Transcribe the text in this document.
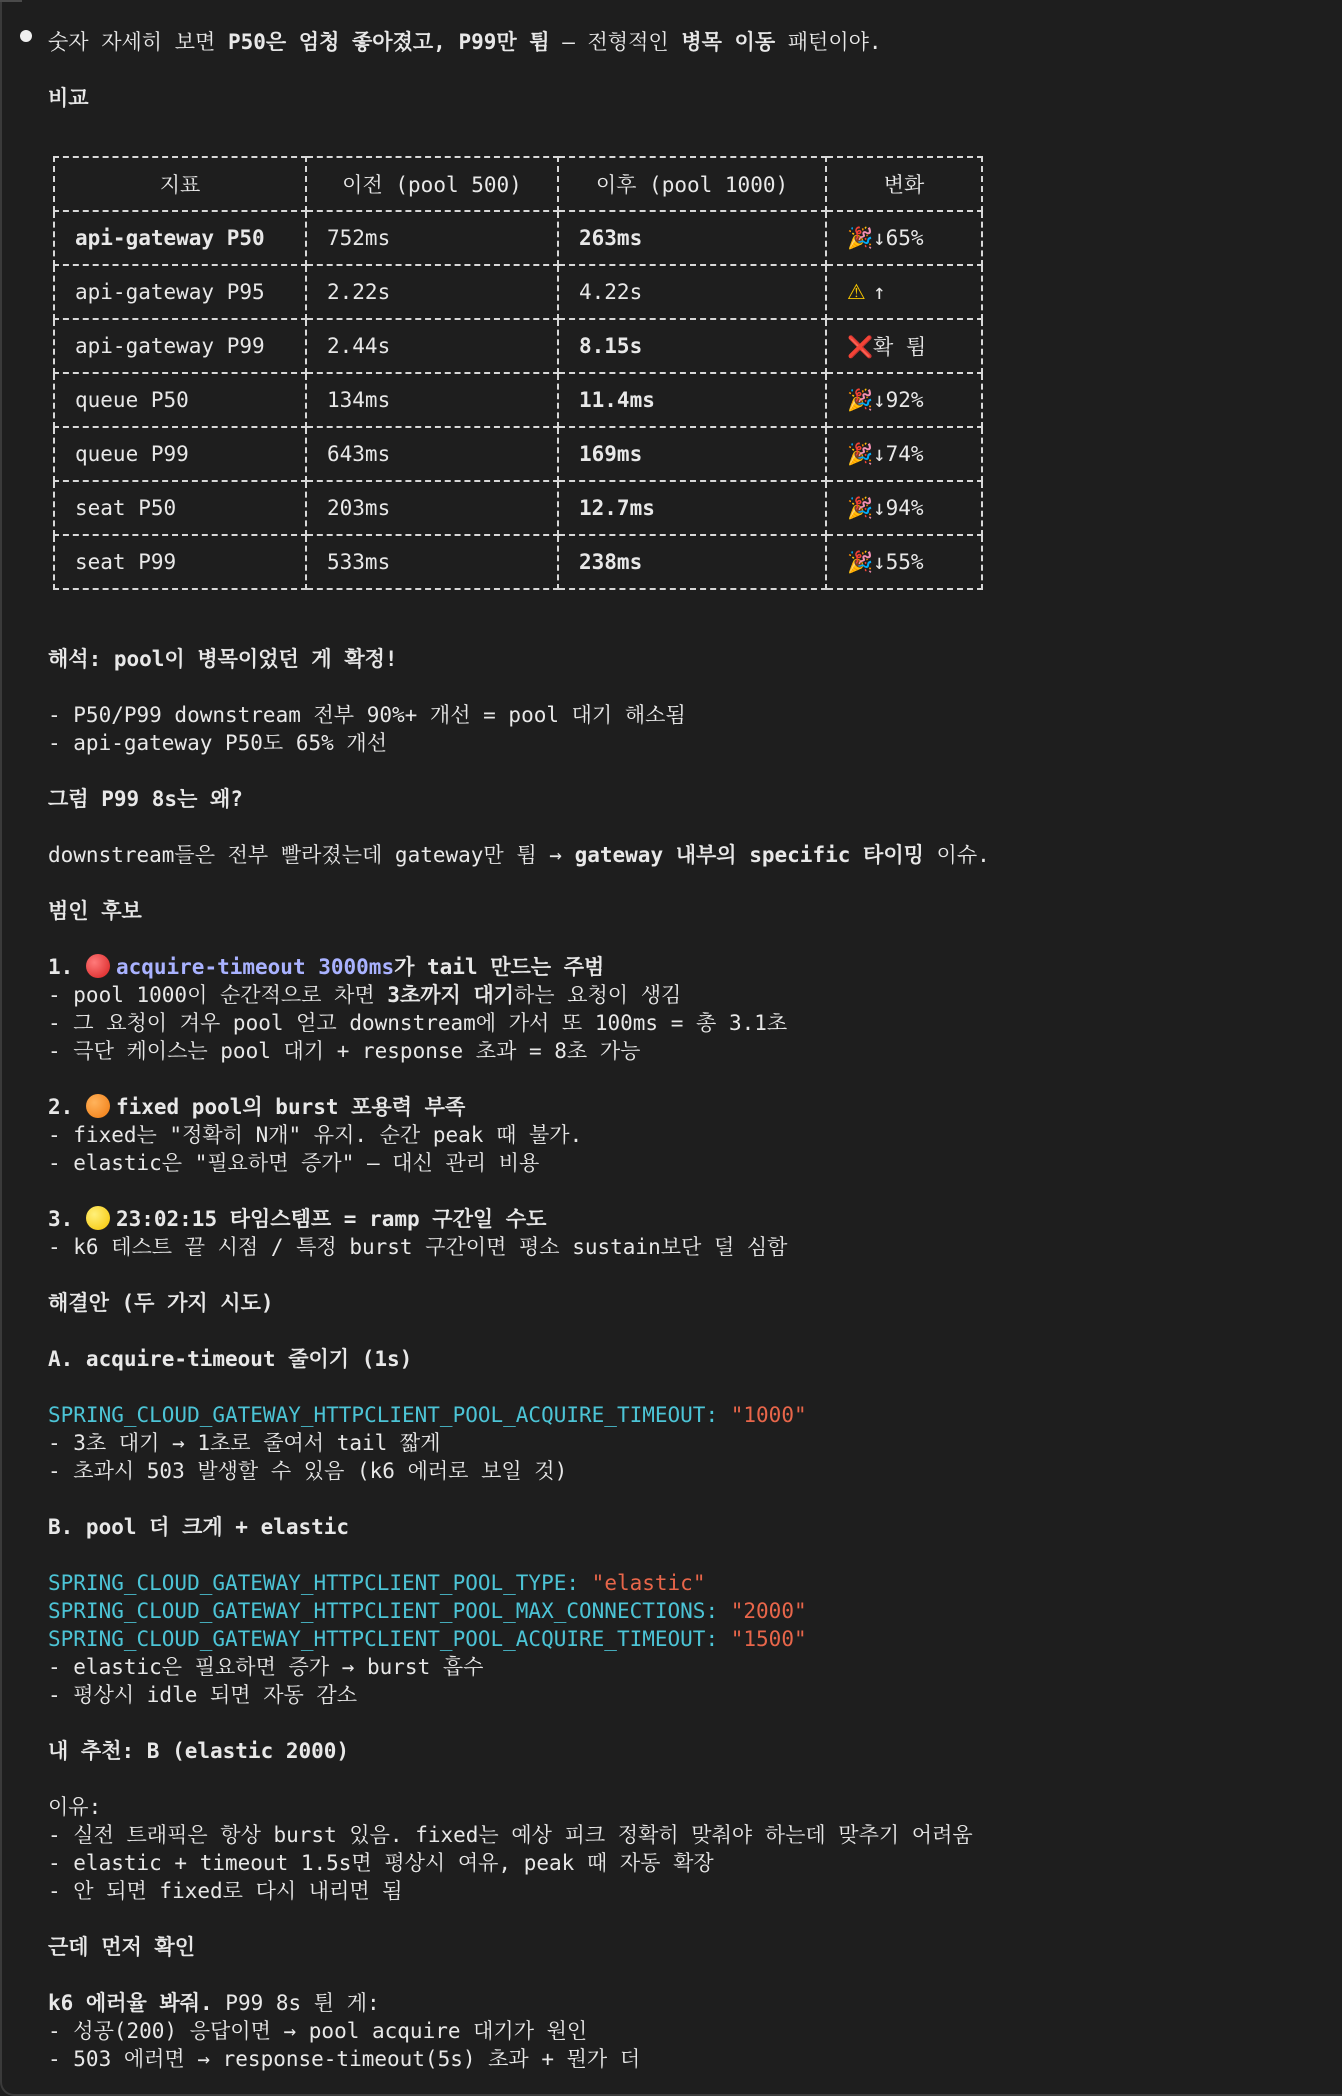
숫자 자세히 보면 P50은 엄청 좋아졌고, P99만 튐 — 전형적인 병목 이동 패턴이야.
비교
지표	이전 (pool 500)	이후 (pool 1000)	변화
api-gateway P50	752ms	263ms	🎉↓65%
api-gateway P95	2.22s	4.22s	⚠ ↑
api-gateway P99	2.44s	8.15s	❌확 튐
queue P50	134ms	11.4ms	🎉↓92%
queue P99	643ms	169ms	🎉↓74%
seat P50	203ms	12.7ms	🎉↓94%
seat P99	533ms	238ms	🎉↓55%
해석: pool이 병목이었던 게 확정!
- P50/P99 downstream 전부 90%+ 개선 = pool 대기 해소됨
- api-gateway P50도 65% 개선
그럼 P99 8s는 왜?
downstream들은 전부 빨라졌는데 gateway만 튐 → gateway 내부의 specific 타이밍 이슈.
범인 후보
1. acquire-timeout 3000ms가 tail 만드는 주범
- pool 1000이 순간적으로 차면 3초까지 대기하는 요청이 생김
- 그 요청이 겨우 pool 얻고 downstream에 가서 또 100ms = 총 3.1초
- 극단 케이스는 pool 대기 + response 초과 = 8초 가능
2. fixed pool의 burst 포용력 부족
- fixed는 "정확히 N개" 유지. 순간 peak 때 불가.
- elastic은 "필요하면 증가" — 대신 관리 비용
3. 23:02:15 타임스템프 = ramp 구간일 수도
- k6 테스트 끝 시점 / 특정 burst 구간이면 평소 sustain보단 덜 심함
해결안 (두 가지 시도)
A. acquire-timeout 줄이기 (1s)
SPRING_CLOUD_GATEWAY_HTTPCLIENT_POOL_ACQUIRE_TIMEOUT: "1000"
- 3초 대기 → 1초로 줄여서 tail 짧게
- 초과시 503 발생할 수 있음 (k6 에러로 보일 것)
B. pool 더 크게 + elastic
SPRING_CLOUD_GATEWAY_HTTPCLIENT_POOL_TYPE: "elastic"
SPRING_CLOUD_GATEWAY_HTTPCLIENT_POOL_MAX_CONNECTIONS: "2000"
SPRING_CLOUD_GATEWAY_HTTPCLIENT_POOL_ACQUIRE_TIMEOUT: "1500"
- elastic은 필요하면 증가 → burst 흡수
- 평상시 idle 되면 자동 감소
내 추천: B (elastic 2000)
이유:
- 실전 트래픽은 항상 burst 있음. fixed는 예상 피크 정확히 맞춰야 하는데 맞추기 어려움
- elastic + timeout 1.5s면 평상시 여유, peak 때 자동 확장
- 안 되면 fixed로 다시 내리면 됨
근데 먼저 확인
k6 에러율 봐줘. P99 8s 튄 게:
- 성공(200) 응답이면 → pool acquire 대기가 원인
- 503 에러면 → response-timeout(5s) 초과 + 뭔가 더
